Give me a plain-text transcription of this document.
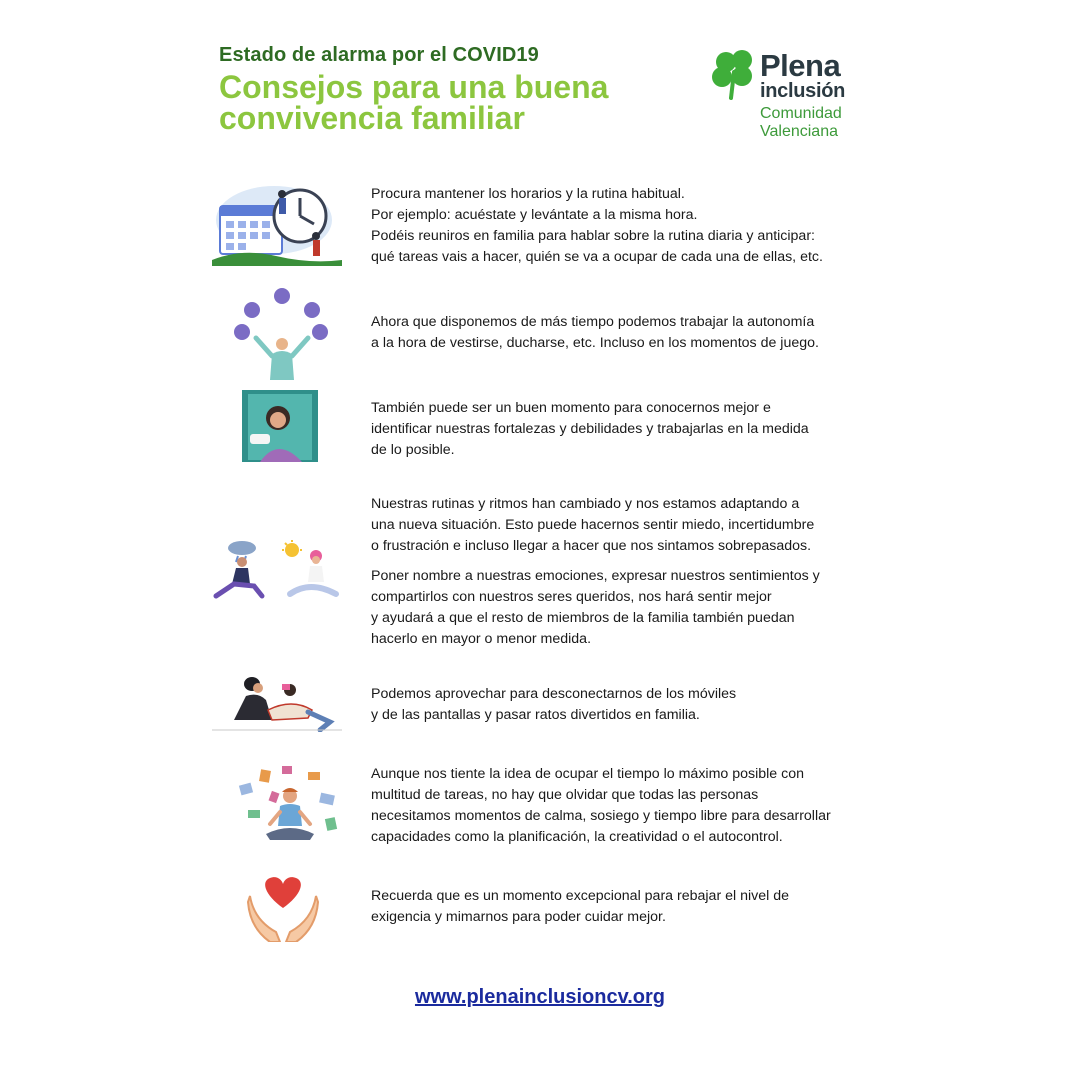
Estado de alarma por el COVID19
Consejos para una buena
convivencia familiar
Plena
inclusión
Comunidad
Valenciana
Procura mantener los horarios y la rutina habitual.
Por ejemplo: acuéstate y levántate a la misma hora.
Podéis reuniros en familia para hablar sobre la rutina diaria y anticipar:
qué tareas vais a hacer, quién se va a ocupar de cada una de ellas, etc.
Ahora que disponemos de más tiempo podemos trabajar la autonomía
a la hora de vestirse, ducharse, etc. Incluso en los momentos de juego.
También puede ser un buen momento para conocernos mejor e
identificar nuestras fortalezas y debilidades y trabajarlas en la medida
de lo posible.

Nuestras rutinas y ritmos han cambiado y nos estamos adaptando a
una nueva situación. Esto puede hacernos sentir miedo, incertidumbre
o frustración e incluso llegar a hacer que nos sintamos sobrepasados.

Poner nombre a nuestras emociones, expresar nuestros sentimientos y
compartirlos con nuestros seres queridos, nos hará sentir mejor
y ayudará a que el resto de miembros de la familia también puedan
hacerlo en mayor o menor medida.

Podemos aprovechar para desconectarnos de los móviles
y de las pantallas y pasar ratos divertidos en familia.
Aunque nos tiente la idea de ocupar el tiempo lo máximo posible con
multitud de tareas, no hay que olvidar que todas las personas
necesitamos momentos de calma, sosiego y tiempo libre para desarrollar
capacidades como la planificación, la creatividad o el autocontrol.
Recuerda que es un momento excepcional para rebajar el nivel de
exigencia y mimarnos para poder cuidar mejor.
www.plenainclusioncv.org
